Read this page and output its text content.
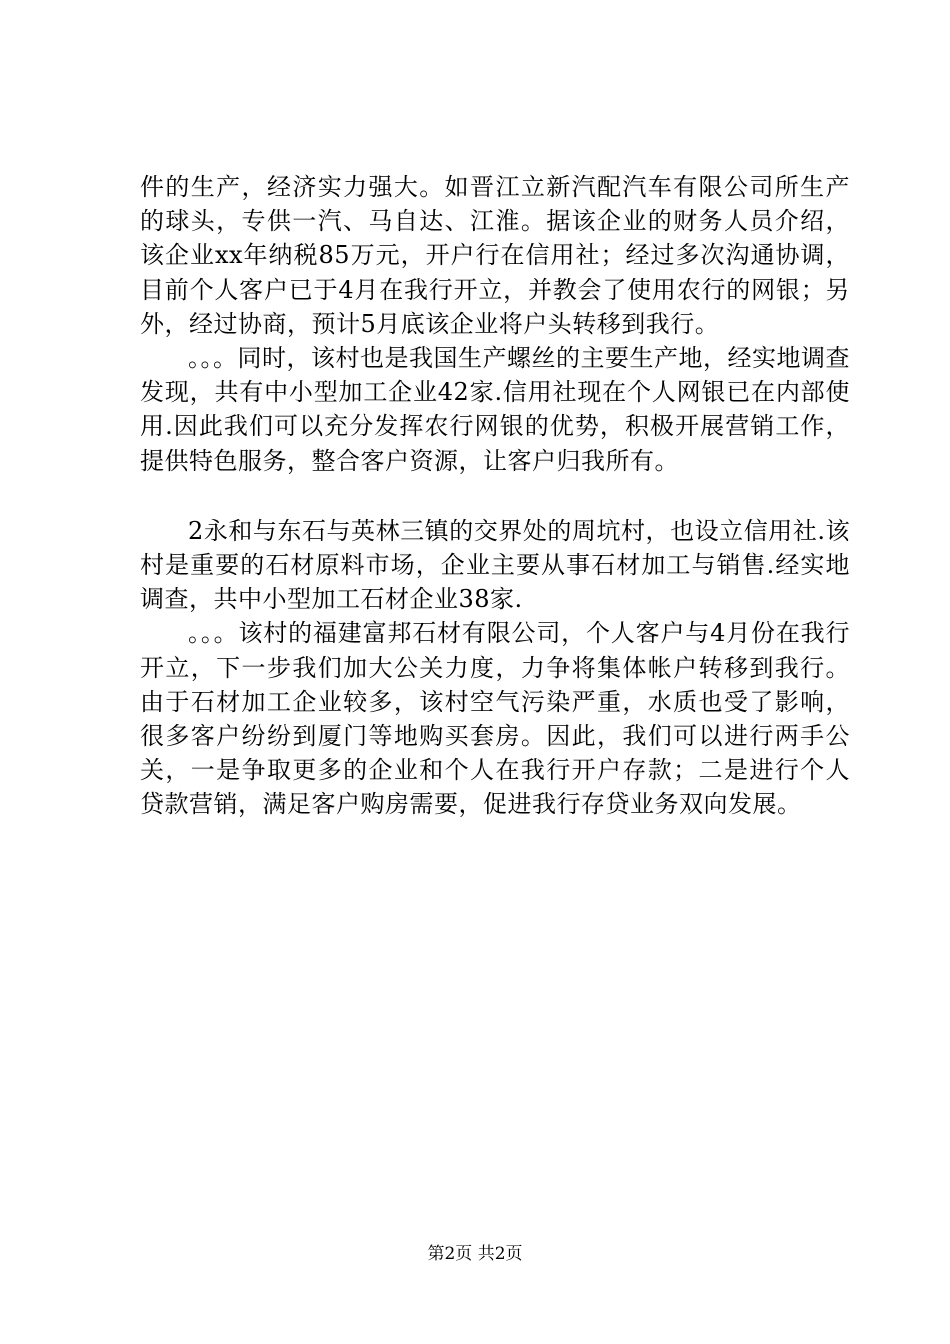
件的生产，经济实力强大。如晋江立新汽配汽车有限公司所生产的球头，专供一汽、马自达、江淮。据该企业的财务人员介绍，该企业xx年纳税85万元，开户行在信用社；经过多次沟通协调，目前个人客户已于4月在我行开立，并教会了使用农行的网银；另外，经过协商，预计5月底该企业将户头转移到我行。

。。。同时，该村也是我国生产螺丝的主要生产地，经实地调查发现，共有中小型加工企业42家.信用社现在个人网银已在内部使用.因此我们可以充分发挥农行网银的优势，积极开展营销工作，提供特色服务，整合客户资源，让客户归我所有。

2永和与东石与英林三镇的交界处的周坑村，也设立信用社.该村是重要的石材原料市场，企业主要从事石材加工与销售.经实地调查，共中小型加工石材企业38家.

。。。该村的福建富邦石材有限公司，个人客户与4月份在我行开立，下一步我们加大公关力度，力争将集体帐户转移到我行。由于石材加工企业较多，该村空气污染严重，水质也受了影响，很多客户纷纷到厦门等地购买套房。因此，我们可以进行两手公关，一是争取更多的企业和个人在我行开户存款；二是进行个人贷款营销，满足客户购房需要，促进我行存贷业务双向发展。

第2页 共2页
